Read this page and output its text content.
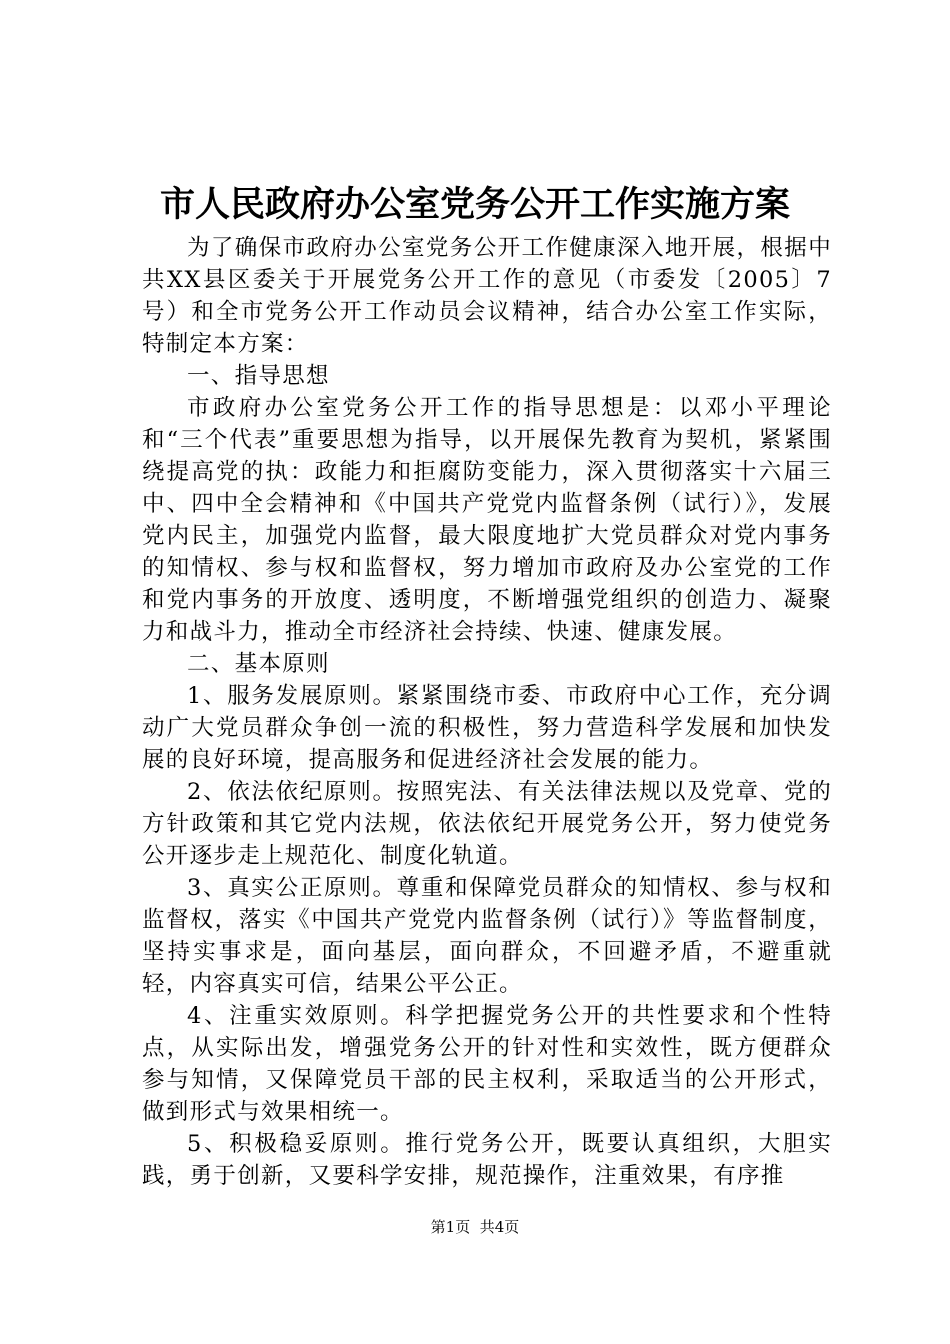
市人民政府办公室党务公开工作实施方案

为了确保市政府办公室党务公开工作健康深入地开展，根据中共XX县区委关于开展党务公开工作的意见（市委发〔2005〕7号）和全市党务公开工作动员会议精神，结合办公室工作实际，特制定本方案：

一、指导思想

市政府办公室党务公开工作的指导思想是：以邓小平理论和“三个代表”重要思想为指导，以开展保先教育为契机，紧紧围绕提高党的执：政能力和拒腐防变能力，深入贯彻落实十六届三中、四中全会精神和《中国共产党党内监督条例（试行）》，发展党内民主，加强党内监督，最大限度地扩大党员群众对党内事务的知情权、参与权和监督权，努力增加市政府及办公室党的工作和党内事务的开放度、透明度，不断增强党组织的创造力、凝聚力和战斗力，推动全市经济社会持续、快速、健康发展。

二、基本原则

1、服务发展原则。紧紧围绕市委、市政府中心工作，充分调动广大党员群众争创一流的积极性，努力营造科学发展和加快发展的良好环境，提高服务和促进经济社会发展的能力。

2、依法依纪原则。按照宪法、有关法律法规以及党章、党的方针政策和其它党内法规，依法依纪开展党务公开，努力使党务公开逐步走上规范化、制度化轨道。

3、真实公正原则。尊重和保障党员群众的知情权、参与权和监督权，落实《中国共产党党内监督条例（试行）》等监督制度，坚持实事求是，面向基层，面向群众，不回避矛盾，不避重就轻，内容真实可信，结果公平公正。

4、注重实效原则。科学把握党务公开的共性要求和个性特点，从实际出发，增强党务公开的针对性和实效性，既方便群众参与知情，又保障党员干部的民主权利，采取适当的公开形式，做到形式与效果相统一。

5、积极稳妥原则。推行党务公开，既要认真组织，大胆实践，勇于创新，又要科学安排，规范操作，注重效果，有序推

第1页 共4页
